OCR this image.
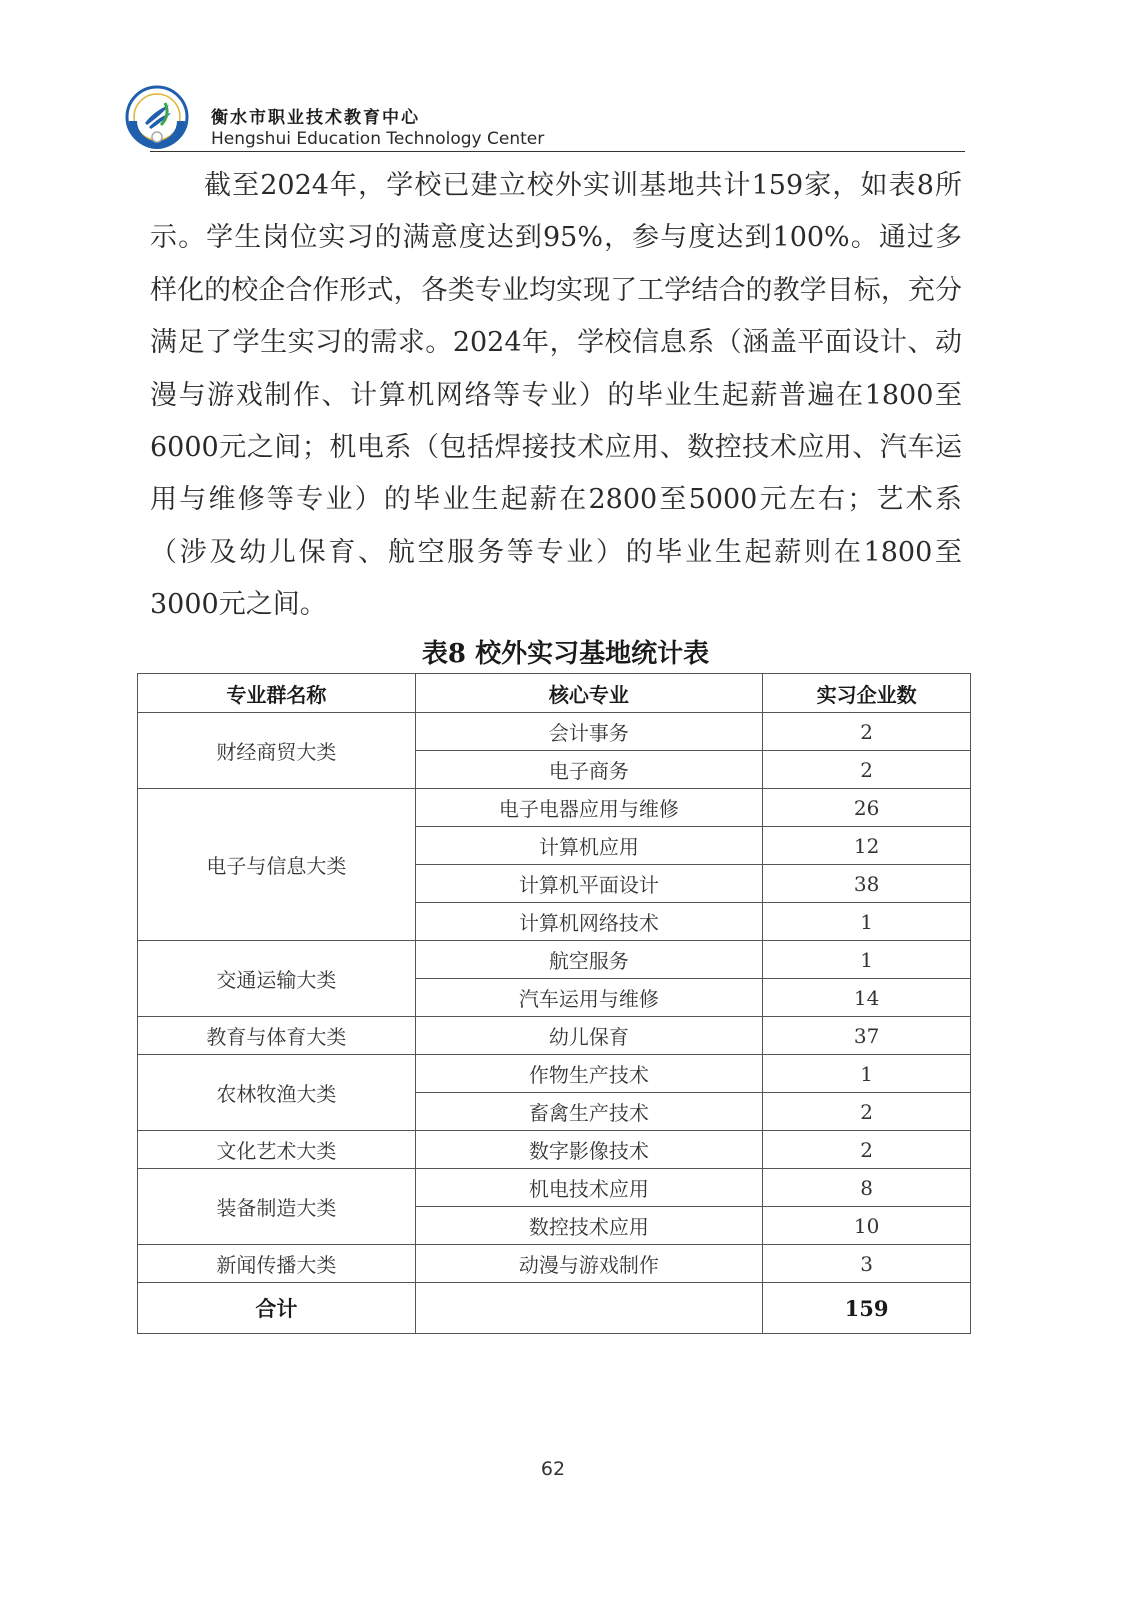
衡水市职业技术教育中心
Hengshui Education Technology Center

截至2024年，学校已建立校外实训基地共计159家，如表8所示。学生岗位实习的满意度达到95%，参与度达到100%。通过多样化的校企合作形式，各类专业均实现了工学结合的教学目标，充分满足了学生实习的需求。2024年，学校信息系（涵盖平面设计、动漫与游戏制作、计算机网络等专业）的毕业生起薪普遍在1800至6000元之间；机电系（包括焊接技术应用、数控技术应用、汽车运用与维修等专业）的毕业生起薪在2800至5000元左右；艺术系（涉及幼儿保育、航空服务等专业）的毕业生起薪则在1800至3000元之间。

表8 校外实习基地统计表
专业群名称	核心专业	实习企业数
财经商贸大类	会计事务	2
	电子商务	2
电子与信息大类	电子电器应用与维修	26
	计算机应用	12
	计算机平面设计	38
	计算机网络技术	1
交通运输大类	航空服务	1
	汽车运用与维修	14
教育与体育大类	幼儿保育	37
农林牧渔大类	作物生产技术	1
	畜禽生产技术	2
文化艺术大类	数字影像技术	2
装备制造大类	机电技术应用	8
	数控技术应用	10
新闻传播大类	动漫与游戏制作	3
合计		159
62
